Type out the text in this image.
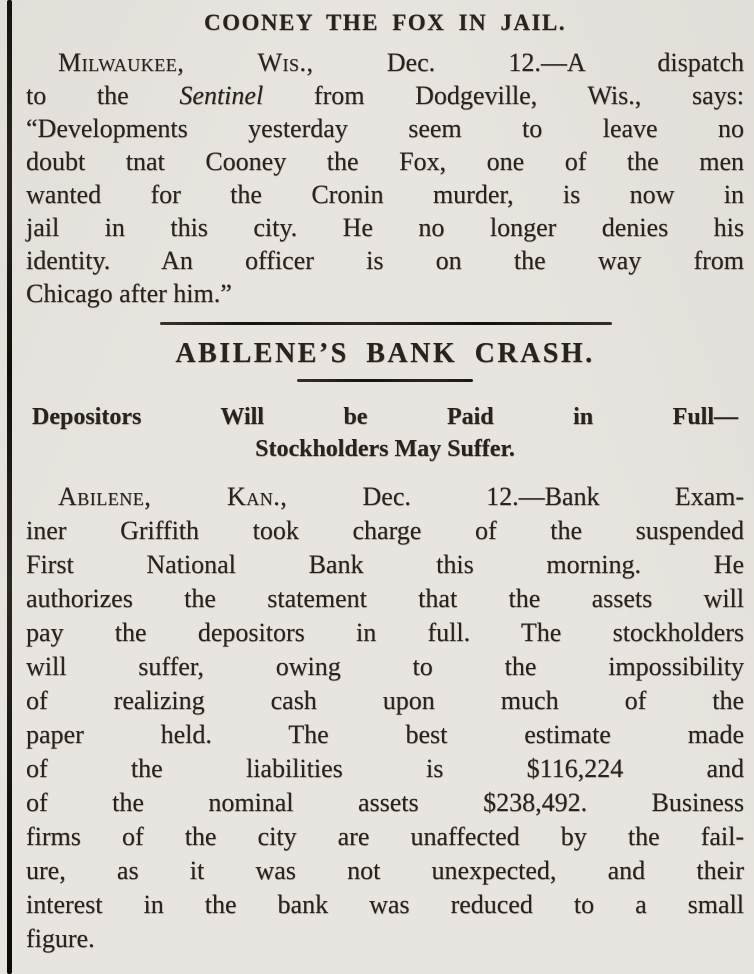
COONEY THE FOX IN JAIL.
Milwaukee, Wis.,	Dec. 12.—A dispatch
to the Sentinel from Dodgeville, Wis., says:
“Developments yesterday seem to leave no
doubt tnat Cooney the Fox, one of the men
wanted for the Cronin murder, is now in
jail in this city. He no longer denies his
identity. An officer is on the way from
Chicago after him.”
ABILENE’S BANK CRASH.
Depositors Will be Paid in Full—
Stockholders May Suffer.
Abilene, Kan.,	Dec. 12.—Bank Exam-
iner Griffith took charge of the suspended
First National Bank this morning. He
authorizes the statement that the assets will
pay the depositors in full. The stockholders
will suffer, owing to the impossibility
of realizing cash upon much of the
paper held. The best estimate made
of the liabilities is $116,224 and
of the nominal assets $238,492. Business
firms of the city are unaffected by the fail-
ure, as it was not unexpected, and their
interest in the bank was reduced to a small
figure.
